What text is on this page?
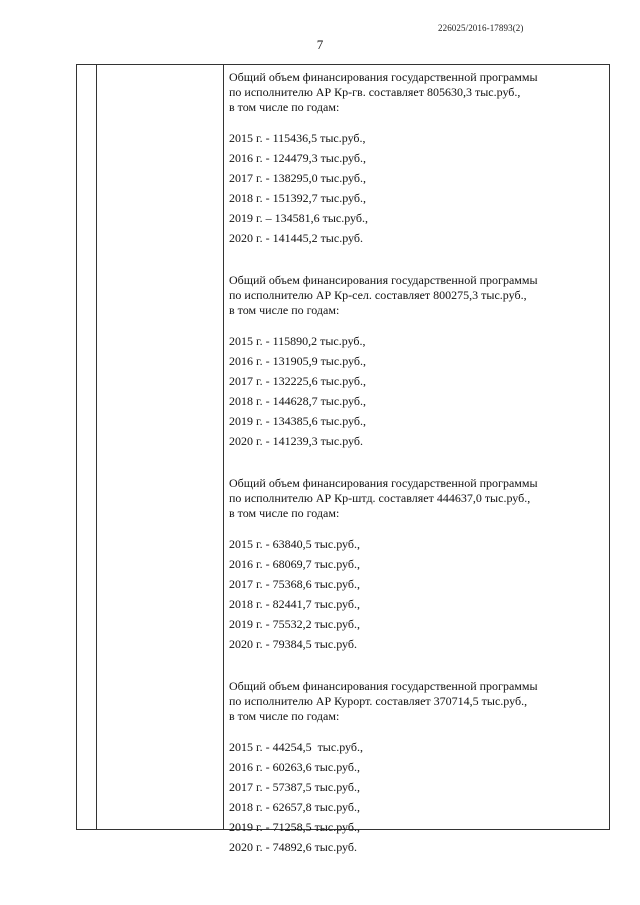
226025/2016-17893(2)
7
Общий объем финансирования государственной программы
по исполнителю АР Кр-гв. составляет 805630,3 тыс.руб.,
в том числе по годам:
2015 г. - 115436,5 тыс.руб.,
2016 г. - 124479,3 тыс.руб.,
2017 г. - 138295,0 тыс.руб.,
2018 г. - 151392,7 тыс.руб.,
2019 г. – 134581,6 тыс.руб.,
2020 г. - 141445,2 тыс.руб.
Общий объем финансирования государственной программы
по исполнителю АР Кр-сел. составляет 800275,3 тыс.руб.,
в том числе по годам:
2015 г. - 115890,2 тыс.руб.,
2016 г. - 131905,9 тыс.руб.,
2017 г. - 132225,6 тыс.руб.,
2018 г. - 144628,7 тыс.руб.,
2019 г. - 134385,6 тыс.руб.,
2020 г. - 141239,3 тыс.руб.
Общий объем финансирования государственной программы
по исполнителю АР Кр-штд. составляет 444637,0 тыс.руб.,
в том числе по годам:
2015 г. - 63840,5 тыс.руб.,
2016 г. - 68069,7 тыс.руб.,
2017 г. - 75368,6 тыс.руб.,
2018 г. - 82441,7 тыс.руб.,
2019 г. - 75532,2 тыс.руб.,
2020 г. - 79384,5 тыс.руб.
Общий объем финансирования государственной программы
по исполнителю АР Курорт. составляет 370714,5 тыс.руб.,
в том числе по годам:
2015 г. - 44254,5  тыс.руб.,
2016 г. - 60263,6 тыс.руб.,
2017 г. - 57387,5 тыс.руб.,
2018 г. - 62657,8 тыс.руб.,
2019 г. - 71258,5 тыс.руб.,
2020 г. - 74892,6 тыс.руб.
